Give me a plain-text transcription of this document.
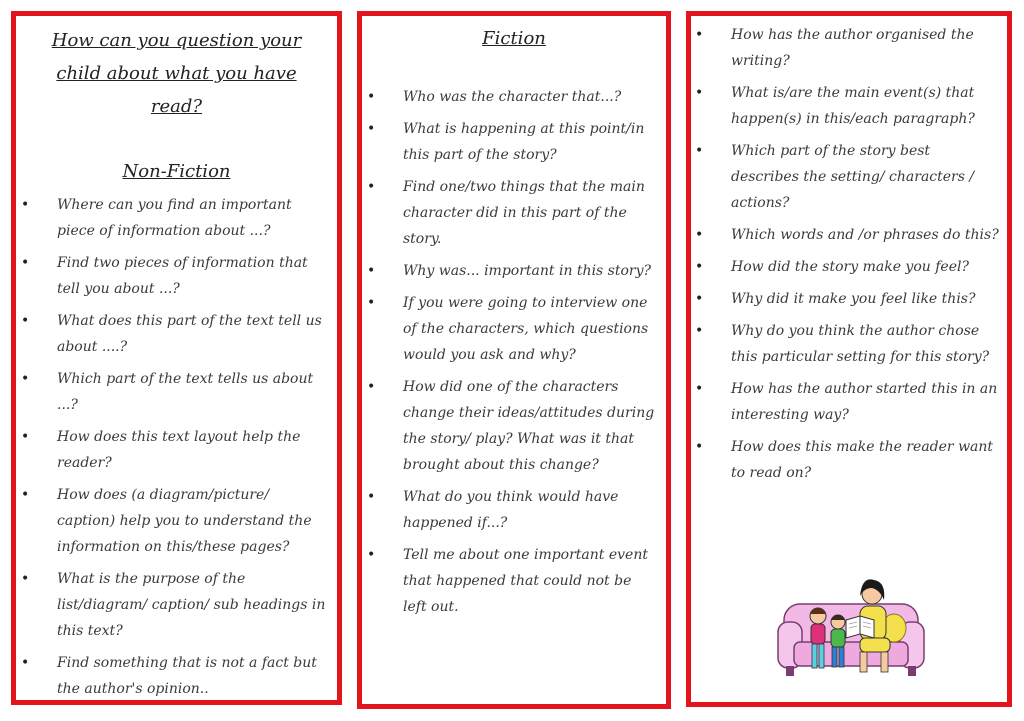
How can you question your child about what you have read?
Non-Fiction
• Where can you find an important piece of information about ...?
• Find two pieces of information that tell you about ...?
• What does this part of the text tell us about ....?
• Which part of the text tells us about ...?
• How does this text layout help the reader?
• How does (a diagram/picture/ caption) help you to understand the information on this/these pages?
• What is the purpose of the list/diagram/ caption/ sub headings in this text?
• Find something that is not a fact but the author's opinion..
Fiction
• Who was the character that...?
• What is happening at this point/in this part of the story?
• Find one/two things that the main character did in this part of the story.
• Why was... important in this story?
• If you were going to interview one of the characters, which questions would you ask and why?
• How did one of the characters change their ideas/attitudes during the story/ play? What was it that brought about this change?
• What do you think would have happened if...?
• Tell me about one important event that happened that could not be left out.
• How has the author organised the writing?
• What is/are the main event(s) that happen(s) in this/each paragraph?
• Which part of the story best describes the setting/ characters / actions?
• Which words and /or phrases do this?
• How did the story make you feel?
• Why did it make you feel like this?
• Why do you think the author chose this particular setting for this story?
• How has the author started this in an interesting way?
• How does this make the reader want to read on?
